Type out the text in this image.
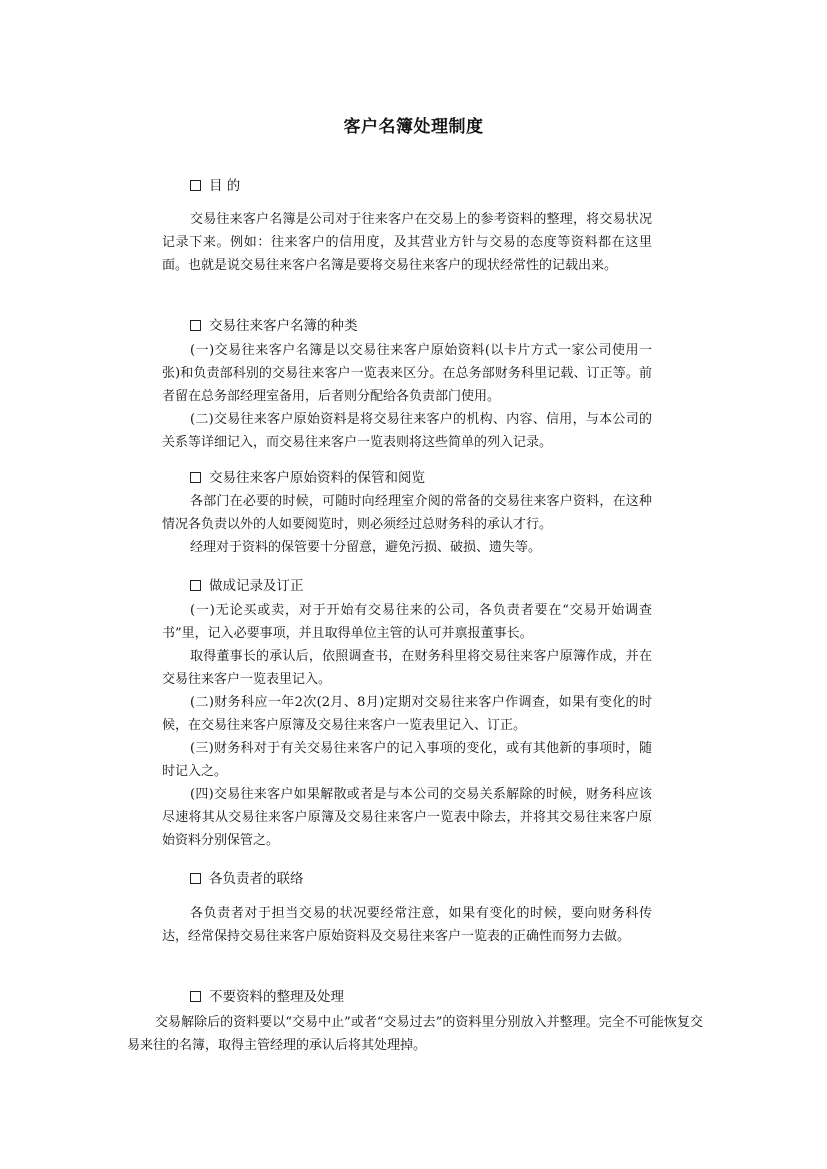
客户名簿处理制度
目 的

交易往来客户名簿是公司对于往来客户在交易上的参考资料的整理，将交易状况记录下来。例如：往来客户的信用度，及其营业方针与交易的态度等资料都在这里面。也就是说交易往来客户名簿是要将交易往来客户的现状经常性的记载出来。

交易往来客户名簿的种类

(一)交易往来客户名簿是以交易往来客户原始资料(以卡片方式一家公司使用一张)和负责部科别的交易往来客户一览表来区分。在总务部财务科里记载、订正等。前者留在总务部经理室备用，后者则分配给各负责部门使用。

(二)交易往来客户原始资料是将交易往来客户的机构、内容、信用，与本公司的关系等详细记入，而交易往来客户一览表则将这些简单的列入记录。

交易往来客户原始资料的保管和阅览

各部门在必要的时候，可随时向经理室介阅的常备的交易往来客户资料，在这种情况各负责以外的人如要阅览时，则必须经过总财务科的承认才行。

经理对于资料的保管要十分留意，避免污损、破损、遗失等。

做成记录及订正

(一)无论买或卖，对于开始有交易往来的公司，各负责者要在“交易开始调查书”里，记入必要事项，并且取得单位主管的认可并禀报董事长。

取得董事长的承认后，依照调查书，在财务科里将交易往来客户原簿作成，并在交易往来客户一览表里记入。

(二)财务科应一年2次(2月、8月)定期对交易往来客户作调查，如果有变化的时候，在交易往来客户原簿及交易往来客户一览表里记入、订正。

(三)财务科对于有关交易往来客户的记入事项的变化，或有其他新的事项时，随时记入之。

(四)交易往来客户如果解散或者是与本公司的交易关系解除的时候，财务科应该尽速将其从交易往来客户原簿及交易往来客户一览表中除去，并将其交易往来客户原始资料分别保管之。

各负责者的联络

各负责者对于担当交易的状况要经常注意，如果有变化的时候，要向财务科传达，经常保持交易往来客户原始资料及交易往来客户一览表的正确性而努力去做。

不要资料的整理及处理

交易解除后的资料要以“交易中止”或者“交易过去”的资料里分别放入并整理。完全不可能恢复交易来往的名簿，取得主管经理的承认后将其处理掉。
